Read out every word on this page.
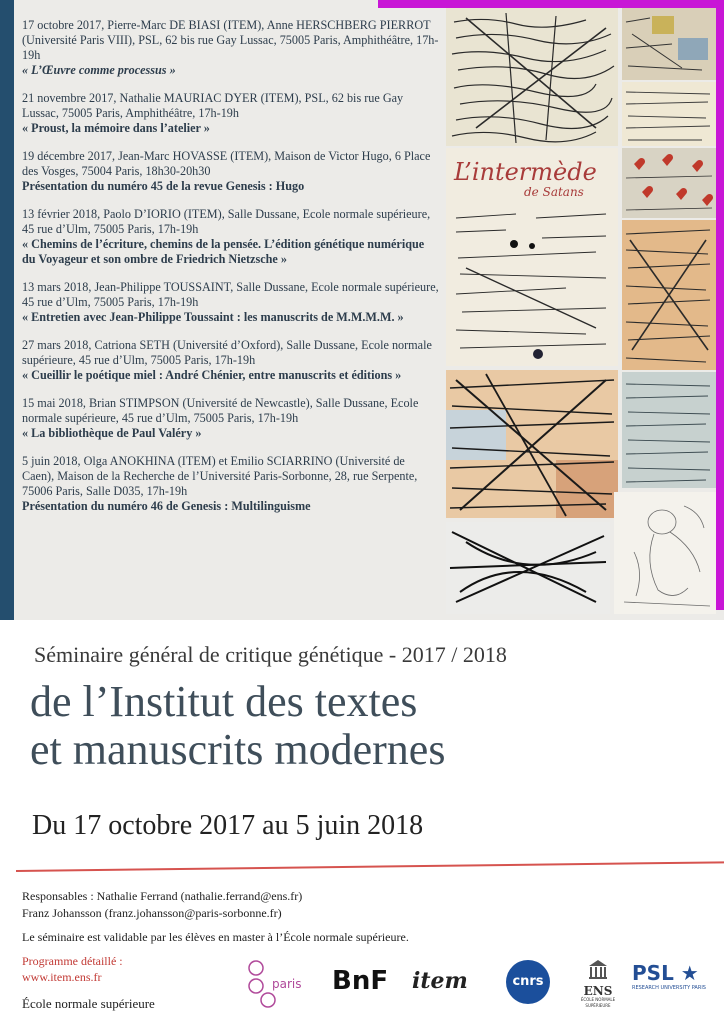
17 octobre 2017, Pierre-Marc DE BIASI (ITEM), Anne HERSCHBERG PIERROT (Université Paris VIII), PSL, 62 bis rue Gay Lussac, 75005 Paris, Amphithéâtre, 17h-19h
« L’Œuvre comme processus »
21 novembre 2017, Nathalie MAURIAC DYER (ITEM), PSL, 62 bis rue Gay Lussac, 75005 Paris, Amphithéâtre, 17h-19h
« Proust, la mémoire dans l’atelier »
19 décembre 2017, Jean-Marc HOVASSE (ITEM), Maison de Victor Hugo, 6 Place des Vosges, 75004 Paris, 18h30-20h30
Présentation du numéro 45 de la revue Genesis : Hugo
13 février 2018, Paolo D’IORIO (ITEM), Salle Dussane, Ecole normale supérieure, 45 rue d’Ulm, 75005 Paris, 17h-19h
« Chemins de l’écriture, chemins de la pensée. L’édition génétique numérique du Voyageur et son ombre de Friedrich Nietzsche »
13 mars 2018, Jean-Philippe TOUSSAINT, Salle Dussane, Ecole normale supérieure, 45 rue d’Ulm, 75005 Paris, 17h-19h
« Entretien avec Jean-Philippe Toussaint : les manuscrits de M.M.M.M. »
27 mars 2018, Catriona SETH (Université d’Oxford), Salle Dussane, Ecole normale supérieure, 45 rue d’Ulm, 75005 Paris, 17h-19h
« Cueillir le poétique miel : André Chénier, entre manuscrits et éditions »
15 mai 2018, Brian STIMPSON (Université de Newcastle), Salle Dussane, Ecole normale supérieure, 45 rue d’Ulm, 75005 Paris, 17h-19h
« La bibliothèque de Paul Valéry »
5 juin 2018, Olga ANOKHINA (ITEM) et Emilio SCIARRINO (Université de Caen), Maison de la Recherche de l’Université Paris-Sorbonne, 28, rue Serpente, 75006 Paris, Salle D035, 17h-19h
Présentation du numéro 46 de Genesis : Multilinguisme
L’intermède
de Satans
Séminaire général de critique génétique - 2017 / 2018
de l’Institut des textes
et manuscrits modernes
Du 17 octobre 2017 au 5 juin 2018
Responsables : Nathalie Ferrand (nathalie.ferrand@ens.fr)
Franz Johansson (franz.johansson@paris-sorbonne.fr)
Le séminaire est validable par les élèves en master à l’École normale supérieure.
Programme détaillé :
www.item.ens.fr
École normale supérieure
paris BnF item	cnrs
ENS
ÉCOLE NORMALE SUPÉRIEURE
PSL ★
RESEARCH UNIVERSITY PARIS
